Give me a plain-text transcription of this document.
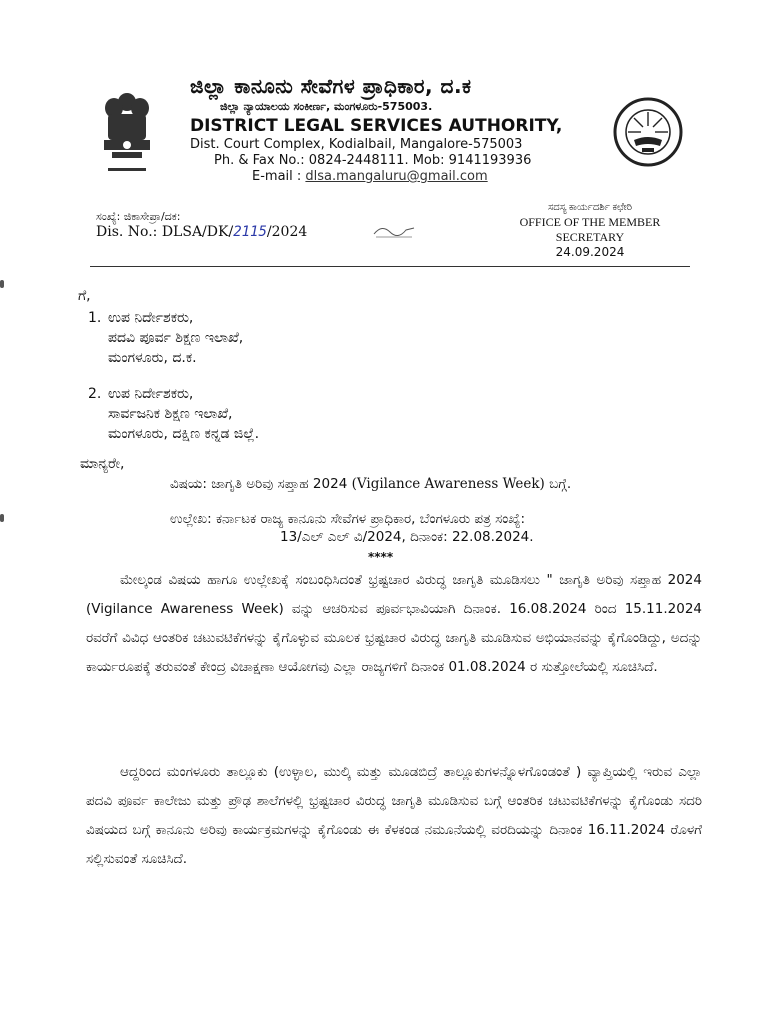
ಜಿಲ್ಲಾ ಕಾನೂನು ಸೇವೆಗಳ ಪ್ರಾಧಿಕಾರ, ದ.ಕ
ಜಿಲ್ಲಾ ನ್ಯಾಯಾಲಯ ಸಂಕೀರ್ಣ, ಮಂಗಳೂರು-575003.
DISTRICT LEGAL SERVICES AUTHORITY,
Dist. Court Complex, Kodialbail, Mangalore-575003
Ph. & Fax No.: 0824-2448111. Mob: 9141193936
E-mail : dlsa.mangaluru@gmail.com
ಸಂಖ್ಯೆ: ಜಿಕಾಸೇಪ್ರಾ/ದಕ:
Dis. No.: DLSA/DK/2115/2024
ಸದಸ್ಯ ಕಾರ್ಯದರ್ಶಿ ಕಛೇರಿ
OFFICE OF THE MEMBER
SECRETARY
24.09.2024
ಗೆ,
1. ಉಪ ನಿರ್ದೇಶಕರು,
ಪದವಿ ಪೂರ್ವ ಶಿಕ್ಷಣ ಇಲಾಖೆ,
ಮಂಗಳೂರು, ದ.ಕ.
2. ಉಪ ನಿರ್ದೇಶಕರು,
ಸಾರ್ವಜನಿಕ ಶಿಕ್ಷಣ ಇಲಾಖೆ,
ಮಂಗಳೂರು, ದಕ್ಷಿಣ ಕನ್ನಡ ಜಿಲ್ಲೆ.
ಮಾನ್ಯರೇ,
ವಿಷಯ: ಜಾಗೃತಿ ಅರಿವು ಸಪ್ತಾಹ 2024 (Vigilance Awareness Week) ಬಗ್ಗೆ.
ಉಲ್ಲೇಖ: ಕರ್ನಾಟಕ ರಾಜ್ಯ ಕಾನೂನು ಸೇವೆಗಳ ಪ್ರಾಧಿಕಾರ, ಬೆಂಗಳೂರು ಪತ್ರ ಸಂಖ್ಯೆ:
13/ಎಲ್ ಎಲ್ ವಿ/2024, ದಿನಾಂಕ: 22.08.2024.
****
ಮೇಲ್ಕಂಡ ವಿಷಯ ಹಾಗೂ ಉಲ್ಲೇಖಕ್ಕೆ ಸಂಬಂಧಿಸಿದಂತೆ ಭ್ರಷ್ಟಚಾರ ವಿರುದ್ಧ ಜಾಗೃತಿ ಮೂಡಿಸಲು " ಜಾಗೃತಿ ಅರಿವು ಸಪ್ತಾಹ 2024 (Vigilance Awareness Week) ವನ್ನು ಆಚರಿಸುವ ಪೂರ್ವಭಾವಿಯಾಗಿ ದಿನಾಂಕ. 16.08.2024 ರಿಂದ 15.11.2024 ರವರೆಗೆ ವಿವಿಧ ಆಂತರಿಕ ಚಟುವಟಿಕೆಗಳನ್ನು ಕೈಗೊಳ್ಳುವ ಮೂಲಕ ಭ್ರಷ್ಟಚಾರ ವಿರುದ್ಧ ಜಾಗೃತಿ ಮೂಡಿಸುವ ಅಭಿಯಾನವನ್ನು ಕೈಗೊಂಡಿದ್ದು, ಅದನ್ನು ಕಾರ್ಯರೂಪಕ್ಕೆ ತರುವಂತೆ ಕೇಂದ್ರ ವಿಚಾಕ್ಷಣಾ ಆಯೋಗವು ಎಲ್ಲಾ ರಾಜ್ಯಗಳಿಗೆ ದಿನಾಂಕ 01.08.2024 ರ ಸುತ್ತೋಲೆಯಲ್ಲಿ ಸೂಚಿಸಿದೆ.
ಆದ್ದರಿಂದ ಮಂಗಳೂರು ತಾಲ್ಲೂಕು (ಉಳ್ಳಾಲ, ಮುಲ್ಕಿ ಮತ್ತು ಮೂಡಬಿದ್ರೆ ತಾಲ್ಲೂಕುಗಳನ್ನೊಳಗೊಂಡಂತೆ ) ವ್ಯಾಪ್ತಿಯಲ್ಲಿ ಇರುವ ಎಲ್ಲಾ ಪದವಿ ಪೂರ್ವ ಕಾಲೇಜು ಮತ್ತು ಪ್ರೌಢ ಶಾಲೆಗಳಲ್ಲಿ ಭ್ರಷ್ಟಚಾರ ವಿರುದ್ಧ ಜಾಗೃತಿ ಮೂಡಿಸುವ ಬಗ್ಗೆ ಆಂತರಿಕ ಚಟುವಟಿಕೆಗಳನ್ನು ಕೈಗೊಂಡು ಸದರಿ ವಿಷಯದ ಬಗ್ಗೆ ಕಾನೂನು ಅರಿವು ಕಾರ್ಯಕ್ರಮಗಳನ್ನು ಕೈಗೊಂಡು ಈ ಕೆಳಕಂಡ ನಮೂನೆಯಲ್ಲಿ ವರದಿಯನ್ನು ದಿನಾಂಕ 16.11.2024 ರೊಳಗೆ ಸಲ್ಲಿಸುವಂತೆ ಸೂಚಿಸಿದೆ.
